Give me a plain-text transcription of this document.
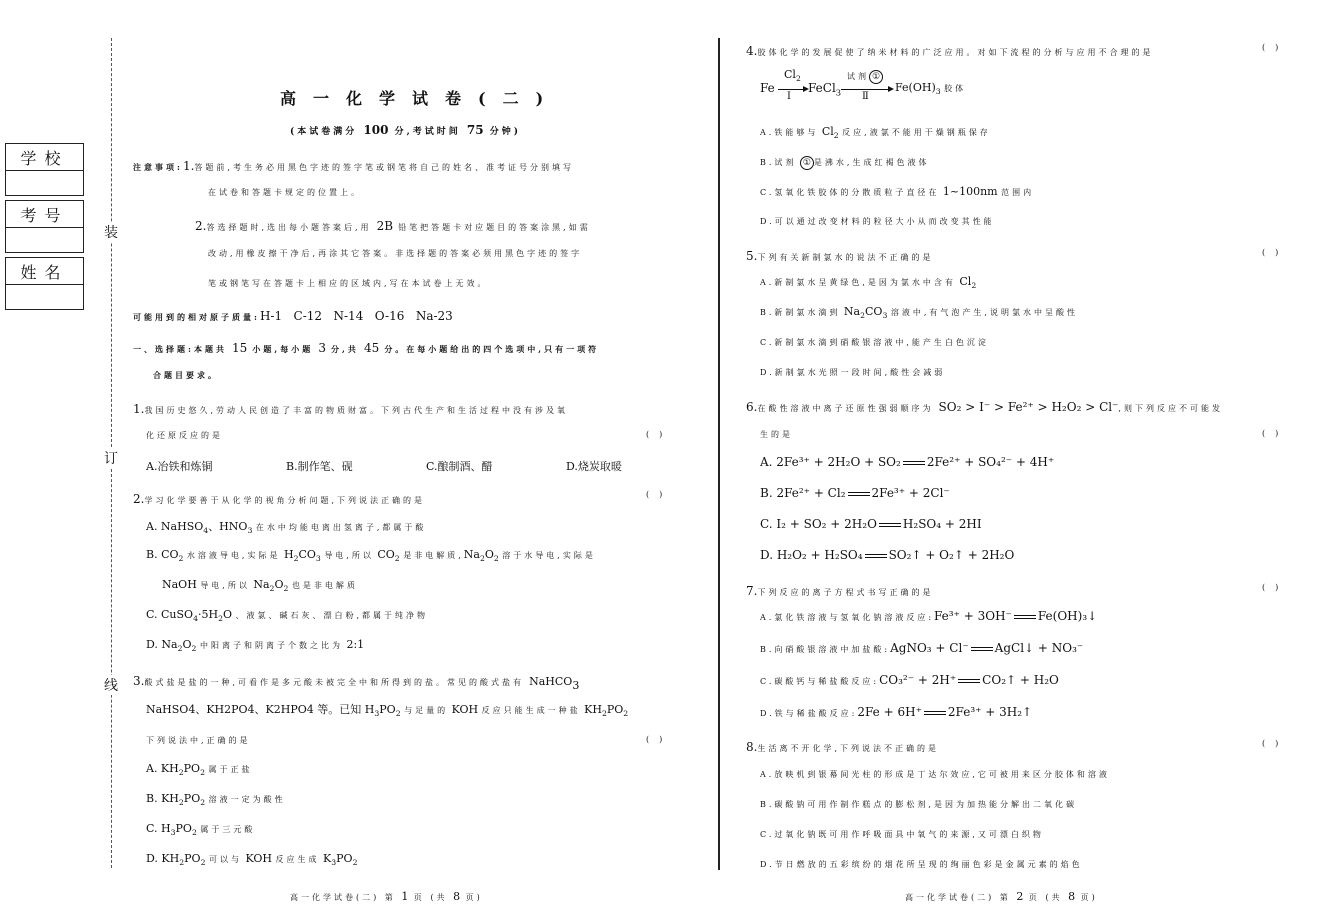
学校
考号
姓名
装
订
线
高一化学试卷(二)
(本试卷满分 100 分,考试时间 75 分钟)
注意事项:1.答题前,考生务必用黑色字迹的签字笔或钢笔将自己的姓名、准考证号分别填写
在试卷和答题卡规定的位置上。
2.答选择题时,选出每小题答案后,用 2B 铅笔把答题卡对应题目的答案涂黑,如需
改动,用橡皮擦干净后,再涂其它答案。非选择题的答案必须用黑色字迹的签字
笔或钢笔写在答题卡上相应的区域内,写在本试卷上无效。
可能用到的相对原子质量:H-1   C-12   N-14   O-16   Na-23
一、选择题:本题共 15 小题,每小题 3 分,共 45 分。在每小题给出的四个选项中,只有一项符
合题目要求。
1.我国历史悠久,劳动人民创造了丰富的物质财富。下列古代生产和生活过程中没有涉及氧
化还原反应的是	()
A.冶铁和炼铜	B.制作笔、砚	C.酿制酒、醋	D.烧炭取暖
2.学习化学要善于从化学的视角分析问题,下列说法正确的是
()
A. NaHSO$_4$、$HNO_3$ 在水中均能电离出氢离子,都属于酸
B. $CO_2$ 水溶液导电,实际是 $H_2CO_3$ 导电,所以 $CO_2$ 是非电解质$,Na_2O_2$ 溶于水导电,实际是
NaOH 导电,所以 $Na_2O_2$ 也是非电解质
C. $CuSO_4\cdot 5H_2O$ 、液氯、碱石灰、漂白粉,都属于纯净物
D. $Na_2O_2$ 中阳离子和阴离子个数之比为 2:1
3.酸式盐是盐的一种,可看作是多元酸未被完全中和所得到的盐。常见的酸式盐有 NaHCO$_3$
NaHSO4、KH2PO4、K2HPO4 等。已知 $H_3PO_2$ 与足量的 KOH 反应只能生成一种盐 $KH_2PO_2$
下列说法中,正确的是	()
A. $KH_2PO_2$ 属于正盐
B. $KH_2PO_2$ 溶液一定为酸性
C. $H_3PO_2$ 属于三元酸
D. $KH_2PO_2$ 可以与 KOH 反应生成 $K_3PO_2$
高一化学试卷(二) 第 1 页 (共 8 页)
4.胶体化学的发展促使了纳米材料的广泛应用。对如下流程的分析与应用不合理的是
()
Fe
$Cl_2$
I
FeCl$_3$
试剂 ①
Ⅱ
$Fe(OH)_3$ 胶体
A.铁能够与 $Cl_2$ 反应,液氯不能用干燥钢瓶保存
B.试剂 ① 是沸水,生成红褐色液体
C.氢氧化铁胶体的分散质粒子直径在 1~100nm 范围内
D.可以通过改变材料的粒径大小从而改变其性能
5.下列有关新制氯水的说法不正确的是
()
A.新制氯水呈黄绿色,是因为氯水中含有 $Cl_2$
B.新制氯水滴到 $Na_2CO_3$ 溶液中,有气泡产生,说明氯水中呈酸性
C.新制氯水滴到硝酸银溶液中,能产生白色沉淀
D.新制氯水光照一段时间,酸性会减弱
6.在酸性溶液中离子还原性强弱顺序为 SO₂ > I⁻ > Fe²⁺ > H₂O₂ > Cl⁻,则下列反应不可能发
生的是	()
A. 2Fe³⁺ + 2H₂O + SO₂ 2Fe²⁺ + SO₄²⁻ + 4H⁺
B. 2Fe²⁺ + Cl₂ 2Fe³⁺ + 2Cl⁻
C. I₂ + SO₂ + 2H₂O H₂SO₄ + 2HI
D. H₂O₂ + H₂SO₄ SO₂↑ + O₂↑ + 2H₂O
7.下列反应的离子方程式书写正确的是
()
A.氯化铁溶液与氢氧化钠溶液反应:Fe³⁺ + 3OH⁻ Fe(OH)₃↓
B.向硝酸银溶液中加盐酸:AgNO₃ + Cl⁻ AgCl↓ + NO₃⁻
C.碳酸钙与稀盐酸反应:CO₃²⁻ + 2H⁺ CO₂↑ + H₂O
D.铁与稀盐酸反应:2Fe + 6H⁺ 2Fe³⁺ + 3H₂↑
8.生活离不开化学,下列说法不正确的是
()
A.放映机到银幕间光柱的形成是丁达尔效应,它可被用来区分胶体和溶液
B.碳酸钠可用作制作糕点的膨松剂,是因为加热能分解出二氧化碳
C.过氧化钠既可用作呼吸面具中氧气的来源,又可漂白织物
D.节日燃放的五彩缤纷的烟花所呈现的绚丽色彩是金属元素的焰色
高一化学试卷(二) 第 2 页 (共 8 页)
